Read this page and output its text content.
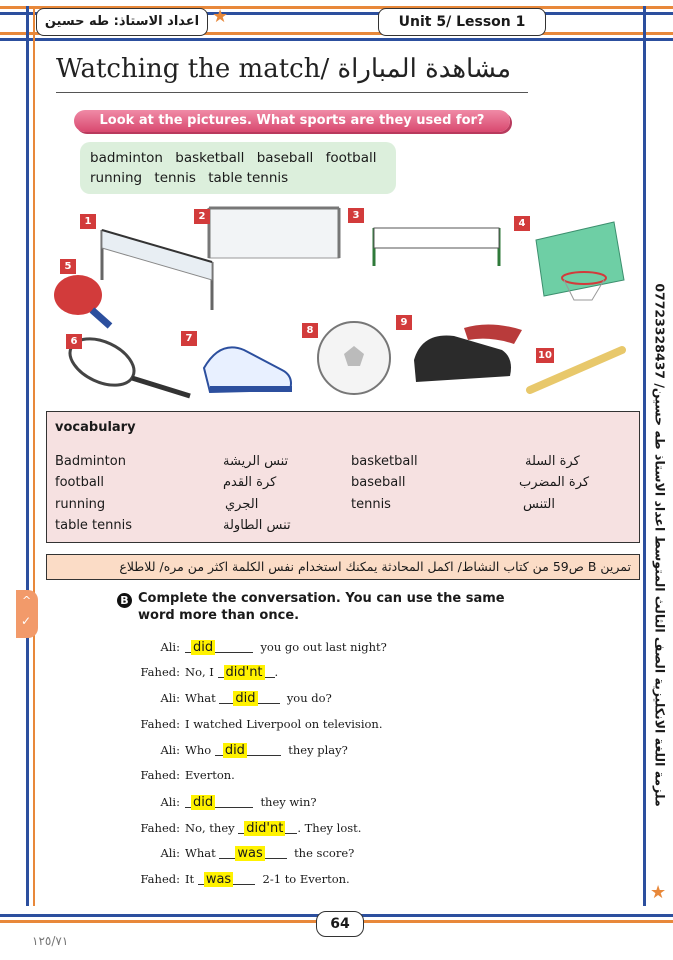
★
★
اعداد الاستاذ: طه حسين	Unit 5/ Lesson 1
Watching the match/ مشاهدة المباراة
Look at the pictures. What sports are they used for?
badminton basketball baseball football
running tennis table tennis
1	2	3
4
5
6	7
8
9
10
vocabulary
Badminton	تنس الريشة	basketball	كرة السلة
football	كرة القدم	baseball	كرة المضرب
running	الجري	tennis	التنس
table tennis	تنس الطاولة
تمرين B ص59 من كتاب النشاط/ اكمل المحادثة يمكنك استخدام نفس الكلمة اكثر من مره/ للاطلاع
^
✓
B Complete the conversation. You can use the same word more than once.
Ali: did	you go out last night?
Fahed: No, I did'nt .
Ali: What did	you do?
Fahed: I watched Liverpool on television.
Ali: Who did	they play?
Fahed: Everton.
Ali: did	they win?
Fahed: No, they did'nt . They lost.
Ali: What was	the score?
Fahed: It was	2-1 to Everton.
ملزمة اللغة الانكليزية الصف الثالث المتوسط اعداد الاستاذ طه حسين/ 07723328437
64
١٢٥/٧١
